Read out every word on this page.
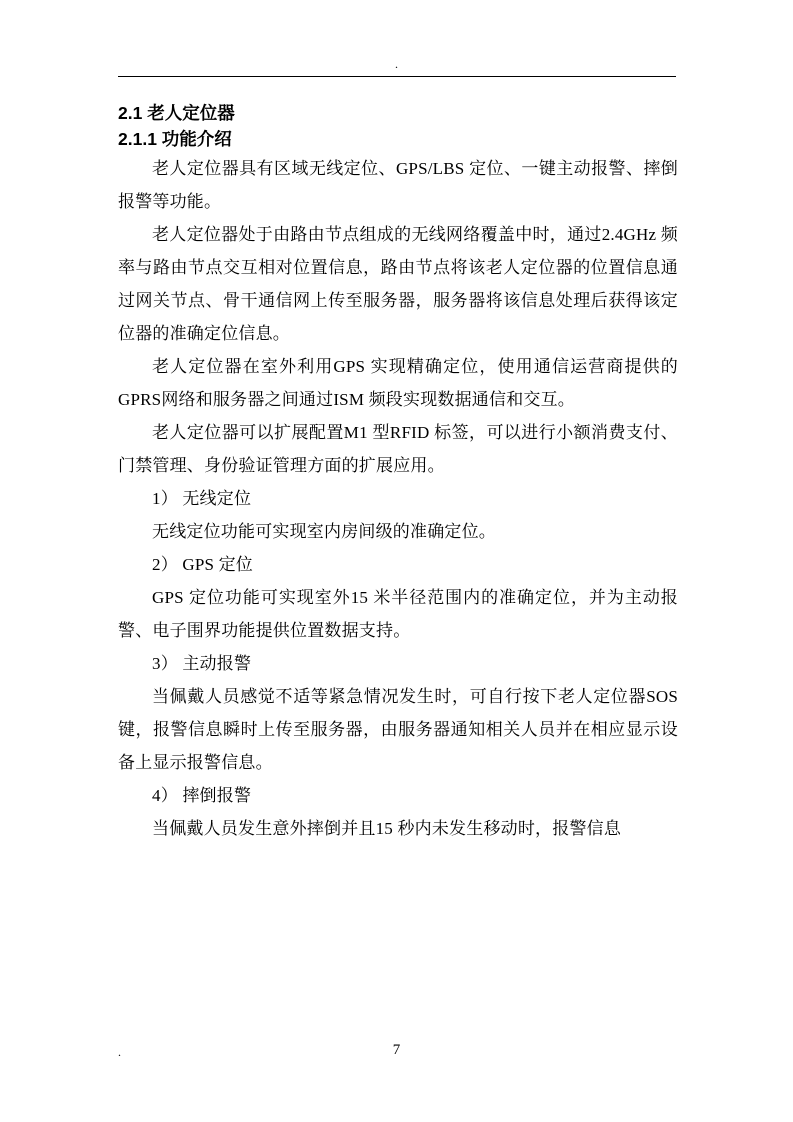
.
2.1 老人定位器
2.1.1 功能介绍

老人定位器具有区域无线定位、GPS/LBS 定位、一键主动报警、摔倒报警等功能。

老人定位器处于由路由节点组成的无线网络覆盖中时，通过2.4GHz 频率与路由节点交互相对位置信息，路由节点将该老人定位器的位置信息通过网关节点、骨干通信网上传至服务器，服务器将该信息处理后获得该定位器的准确定位信息。

老人定位器在室外利用GPS 实现精确定位，使用通信运营商提供的GPRS网络和服务器之间通过ISM 频段实现数据通信和交互。

老人定位器可以扩展配置M1 型RFID 标签，可以进行小额消费支付、门禁管理、身份验证管理方面的扩展应用。

1） 无线定位

无线定位功能可实现室内房间级的准确定位。

2） GPS 定位

GPS 定位功能可实现室外15 米半径范围内的准确定位，并为主动报警、电子围界功能提供位置数据支持。

3） 主动报警

当佩戴人员感觉不适等紧急情况发生时，可自行按下老人定位器SOS 键，报警信息瞬时上传至服务器，由服务器通知相关人员并在相应显示设备上显示报警信息。

4） 摔倒报警

当佩戴人员发生意外摔倒并且15 秒内未发生移动时，报警信息

.	7
